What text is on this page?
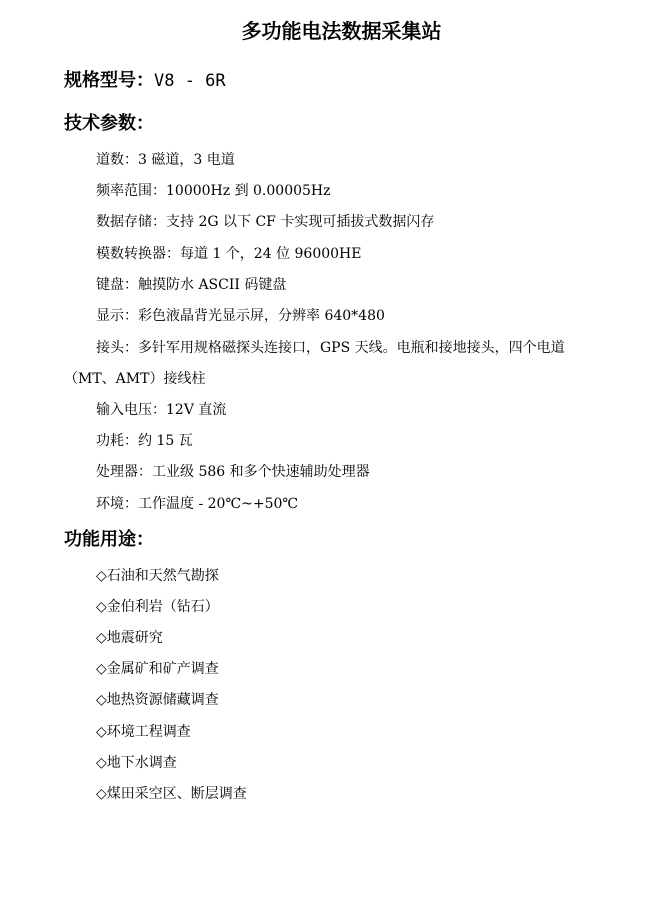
多功能电法数据采集站
规格型号：V8 - 6R
技术参数：
道数：3 磁道，3 电道
频率范围：10000Hz 到 0.00005Hz
数据存储：支持 2G 以下 CF 卡实现可插拔式数据闪存
模数转换器：每道 1 个，24 位 96000HE
键盘：触摸防水 ASCII 码键盘
显示：彩色液晶背光显示屏，分辨率 640*480
接头：多针军用规格磁探头连接口，GPS 天线。电瓶和接地接头，四个电道
（MT、AMT）接线柱
输入电压：12V 直流
功耗：约 15 瓦
处理器：工业级 586 和多个快速辅助处理器
环境：工作温度 - 20℃~+50℃
功能用途：
◇石油和天然气勘探
◇金伯利岩（钻石）
◇地震研究
◇金属矿和矿产调查
◇地热资源储藏调查
◇环境工程调查
◇地下水调查
◇煤田采空区、断层调查
